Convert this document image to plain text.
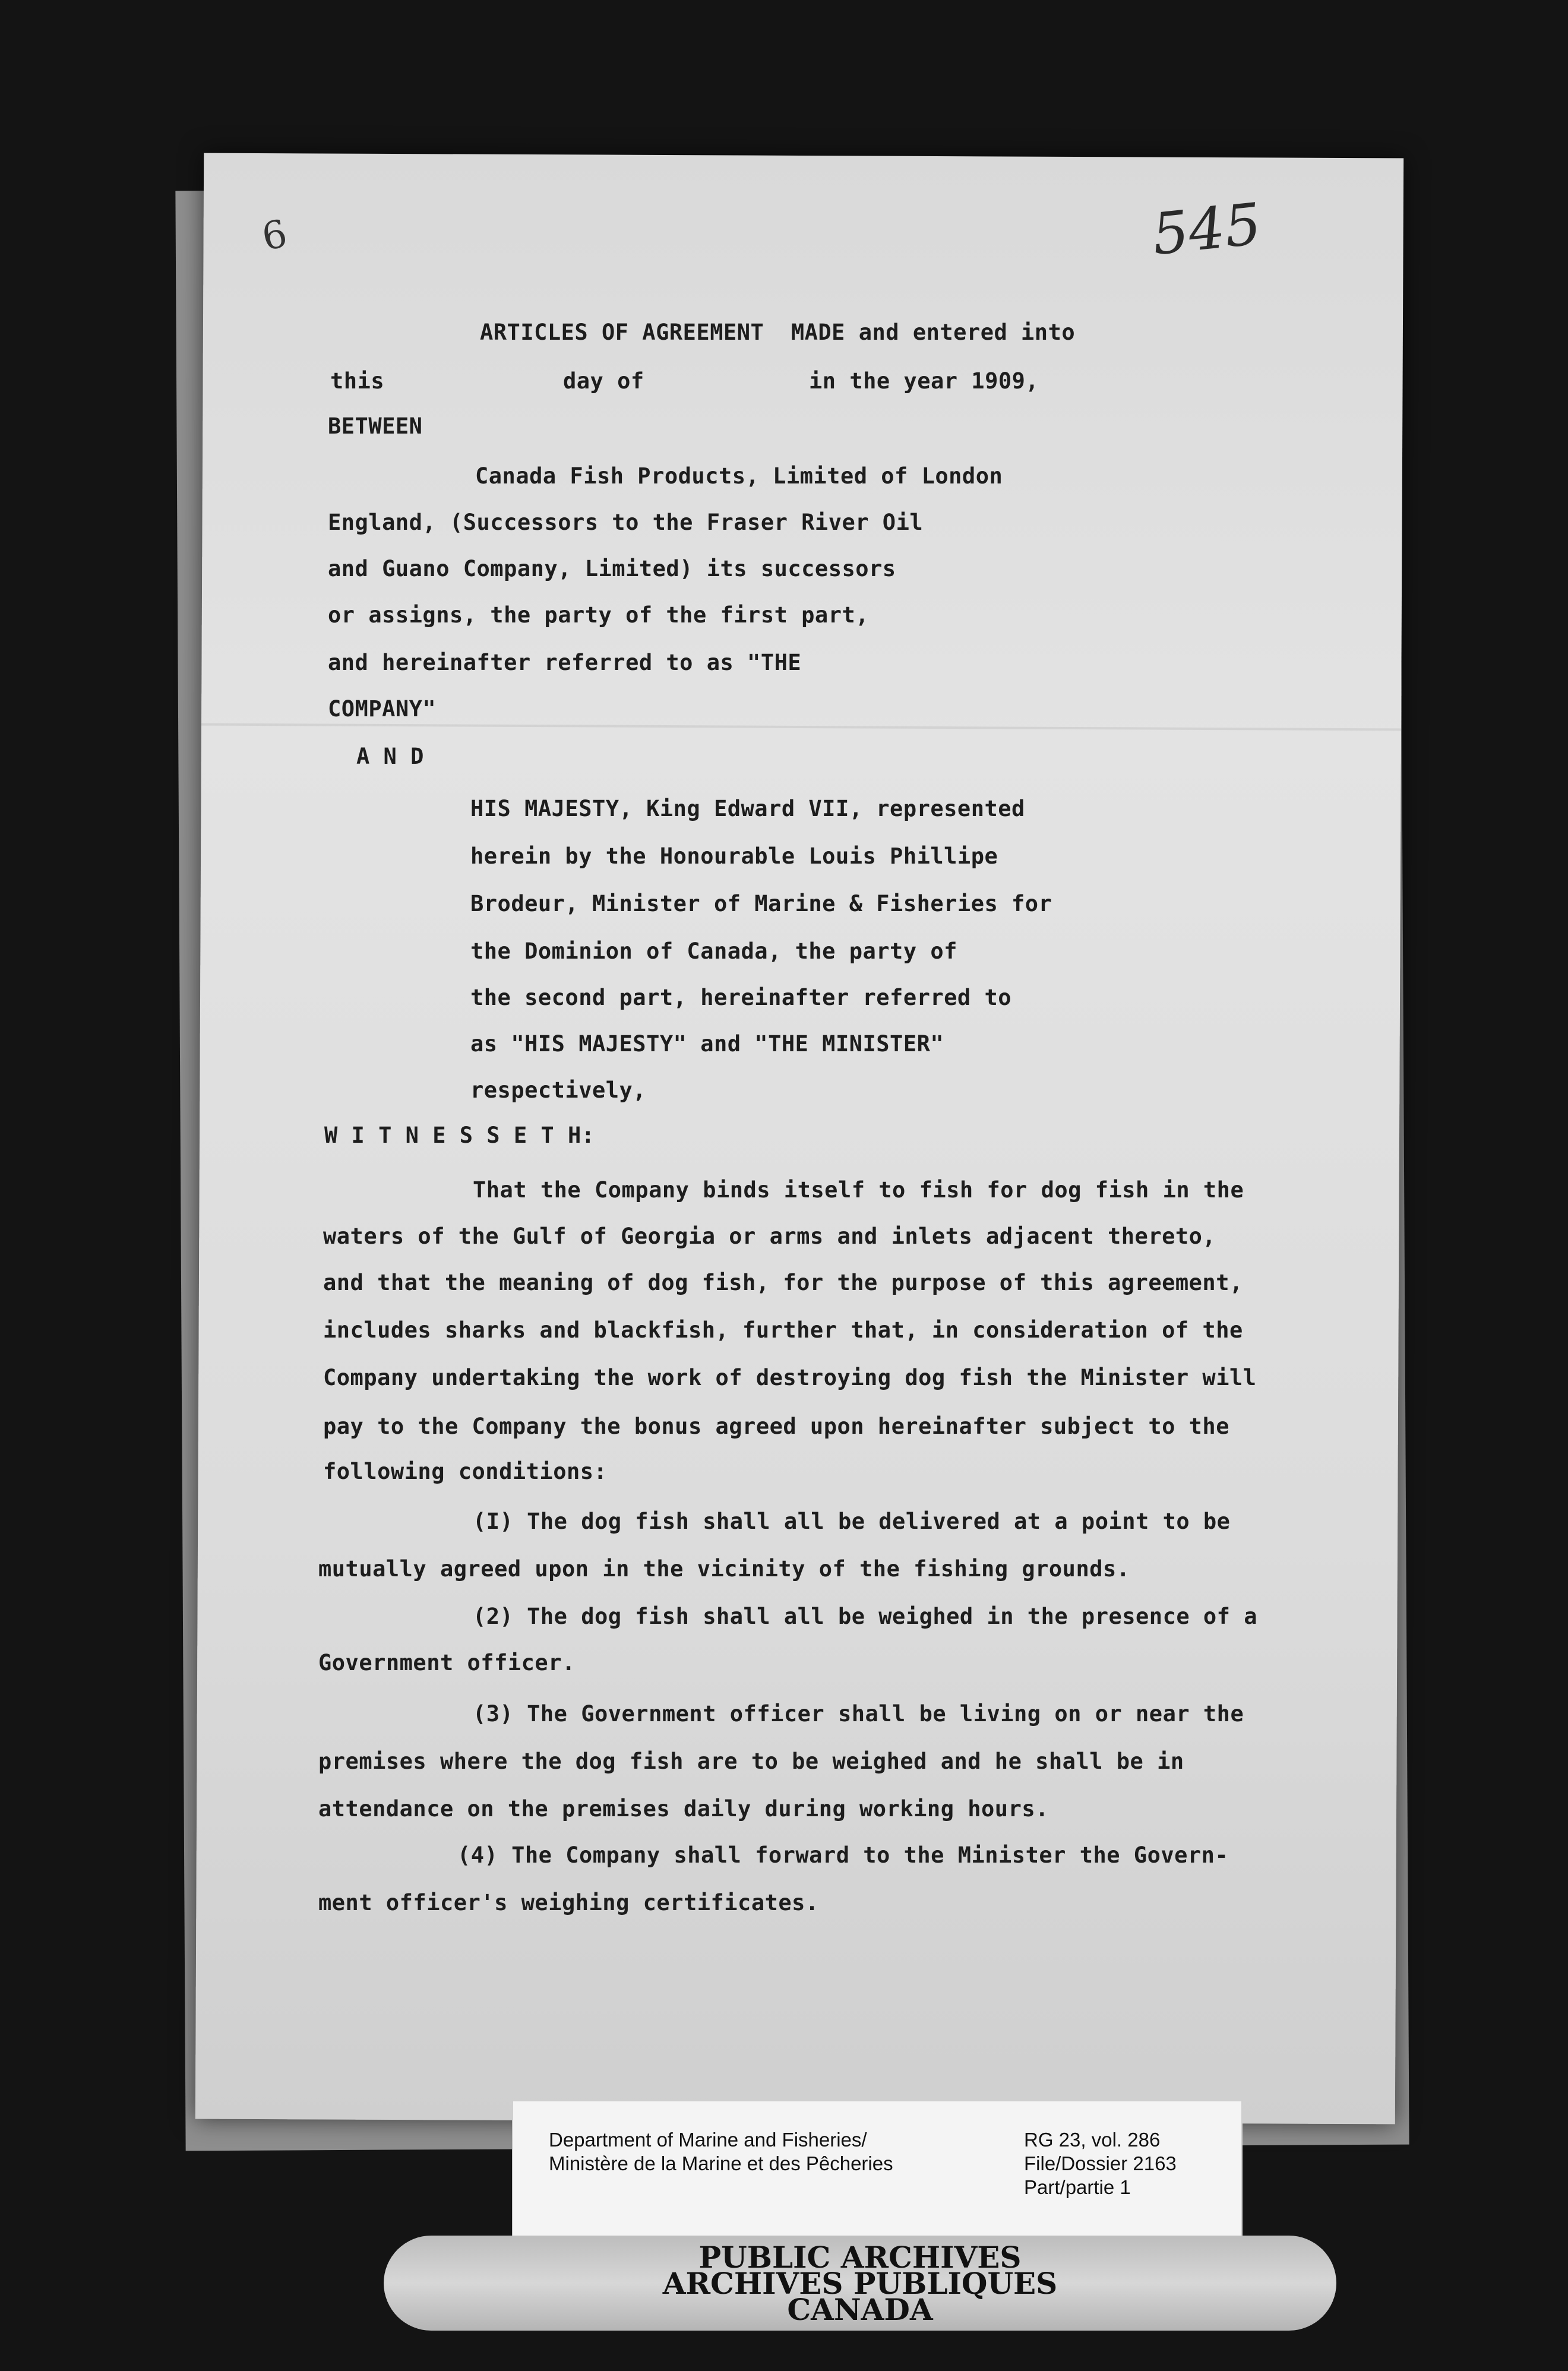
545
6
ARTICLES OF AGREEMENT  MADE and entered into
this	day of	in the year 1909,
BETWEEN
Canada Fish Products, Limited of London
England, (Successors to the Fraser River Oil
and Guano Company, Limited) its successors
or assigns, the party of the first part,
and hereinafter referred to as "THE
COMPANY"
A N D
HIS MAJESTY, King Edward VII, represented
herein by the Honourable Louis Phillipe
Brodeur, Minister of Marine & Fisheries for
the Dominion of Canada, the party of
the second part, hereinafter referred to
as "HIS MAJESTY" and "THE MINISTER"
respectively,
W I T N E S S E T H:
That the Company binds itself to fish for dog fish in the
waters of the Gulf of Georgia or arms and inlets adjacent thereto,
and that the meaning of dog fish, for the purpose of this agreement,
includes sharks and blackfish, further that, in consideration of the
Company undertaking the work of destroying dog fish the Minister will
pay to the Company the bonus agreed upon hereinafter subject to the
following conditions:
(I) The dog fish shall all be delivered at a point to be
mutually agreed upon in the vicinity of the fishing grounds.
(2) The dog fish shall all be weighed in the presence of a
Government officer.
(3) The Government officer shall be living on or near the
premises where the dog fish are to be weighed and he shall be in
attendance on the premises daily during working hours.
(4) The Company shall forward to the Minister the Govern-
ment officer's weighing certificates.
Department of Marine and Fisheries/
Ministère de la Marine et des Pêcheries
RG 23, vol. 286
File/Dossier 2163
Part/partie 1
PUBLIC ARCHIVES
ARCHIVES PUBLIQUES
CANADA
